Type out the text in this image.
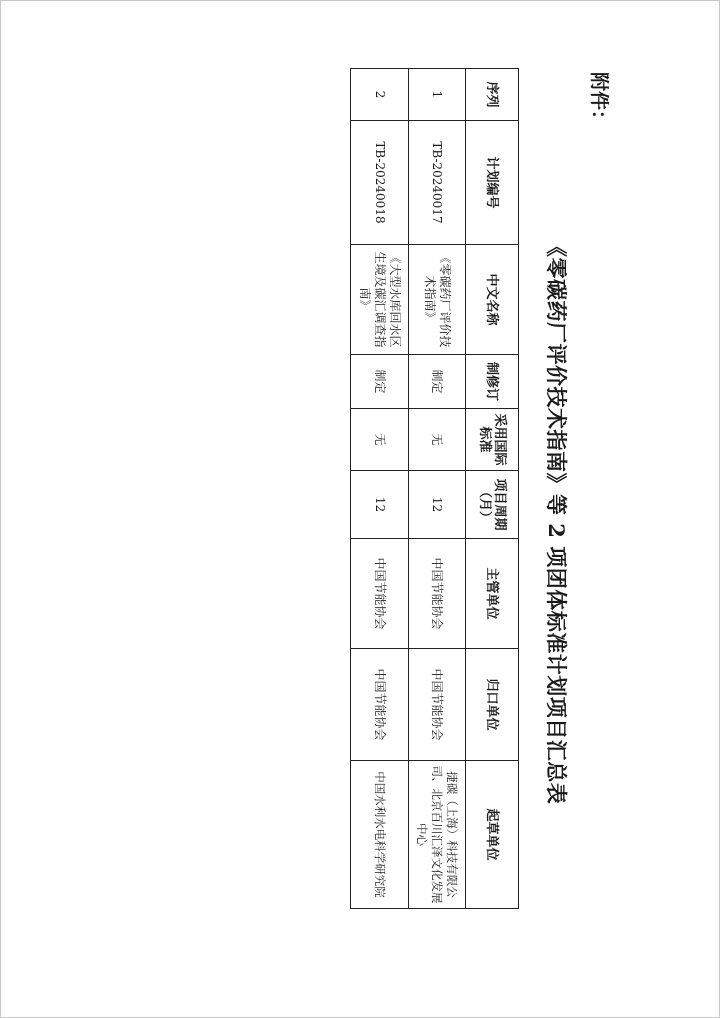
附件：
《零碳药厂评价技术指南》等 2 项团体标准计划项目汇总表
序列	计划编号	中文名称	制修订	采用国际标准	项目周期（月）	主管单位	归口单位	起草单位
1	TB-20240017	《零碳药厂评价技术指南》	制定	无	12	中国节能协会	中国节能协会	捷碳（上海）科技有限公司、北京百川汇泽文化发展中心
2	TB-20240018	《大型水库回水区生境及碳汇调查指南》	制定	无	12	中国节能协会	中国节能协会	中国水利水电科学研究院
